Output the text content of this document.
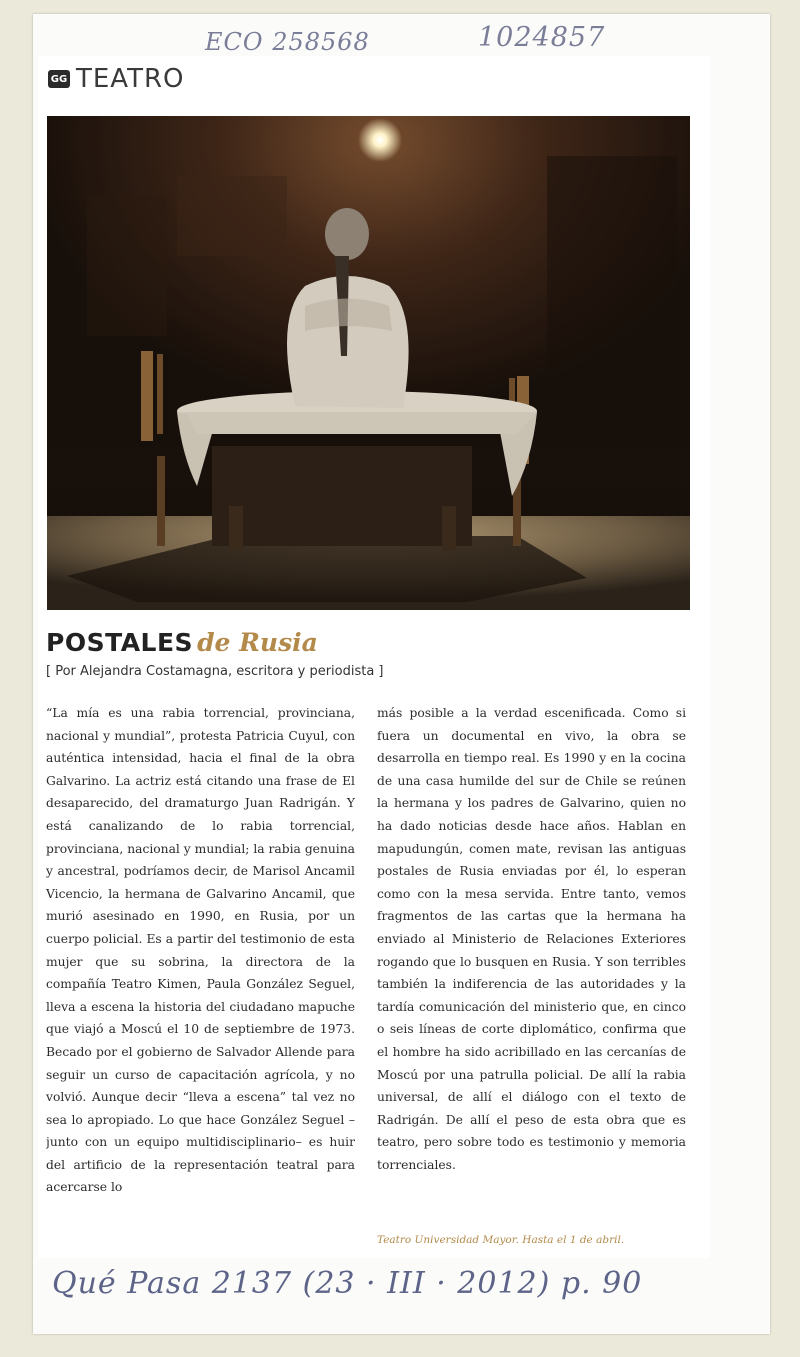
ECO 258568	1024857
GG TEATRO
POSTALES de Rusia
[ Por Alejandra Costamagna, escritora y periodista ]

“La mía es una rabia torrencial, provinciana, nacional y mundial”, protesta Patricia Cuyul, con auténtica intensidad, hacia el final de la obra Galvarino. La actriz está citando una frase de El desaparecido, del dramaturgo Juan Radrigán. Y está canalizando de lo rabia torrencial, provinciana, nacional y mundial; la rabia genuina y ancestral, podríamos decir, de Marisol Ancamil Vicencio, la hermana de Galvarino Ancamil, que murió asesinado en 1990, en Rusia, por un cuerpo policial. Es a partir del testimonio de esta mujer que su sobrina, la directora de la compañía Teatro Kimen, Paula González Seguel, lleva a escena la historia del ciudadano mapuche que viajó a Moscú el 10 de septiembre de 1973. Becado por el gobierno de Salvador Allende para seguir un curso de capacitación agrícola, y no volvió. Aunque decir “lleva a escena” tal vez no sea lo apropiado. Lo que hace González Seguel –junto con un equipo multidisciplinario– es huir del artificio de la representación teatral para acercarse lo

más posible a la verdad escenificada. Como si fuera un documental en vivo, la obra se desarrolla en tiempo real. Es 1990 y en la cocina de una casa humilde del sur de Chile se reúnen la hermana y los padres de Galvarino, quien no ha dado noticias desde hace años. Hablan en mapudungún, comen mate, revisan las antiguas postales de Rusia enviadas por él, lo esperan como con la mesa servida. Entre tanto, vemos fragmentos de las cartas que la hermana ha enviado al Ministerio de Relaciones Exteriores rogando que lo busquen en Rusia. Y son terribles también la indiferencia de las autoridades y la tardía comunicación del ministerio que, en cinco o seis líneas de corte diplomático, confirma que el hombre ha sido acribillado en las cercanías de Moscú por una patrulla policial. De allí la rabia universal, de allí el diálogo con el texto de Radrigán. De allí el peso de esta obra que es teatro, pero sobre todo es testimonio y memoria torrenciales.

Teatro Universidad Mayor. Hasta el 1 de abril.
Qué Pasa 2137 (23 · III · 2012) p. 90
